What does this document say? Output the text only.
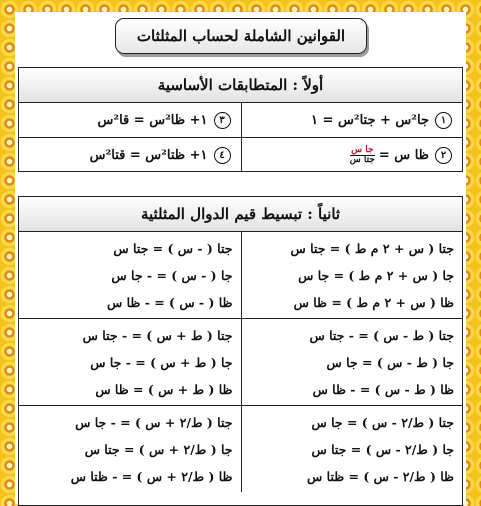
القوانين الشاملة لحساب المثلثات
أولاً : المتطابقات الأساسية
١
جا²س + جتا²س = ١
٣
١+ ظا²س = قا²س
٢
ظا س =
$\frac{\text{جا س}}{\text{جتا س}}$
٤
١+ ظتا²س = قتا²س
ثانياً : تبسيط قيم الدوال المثلثية
جتا ( س + ٢ م ط ) = جتا س
جا ( س + ٢ م ط ) = جا س
ظا ( س + ٢ م ط ) = ظا س
جتا ( - س ) = جتا س
جا ( - س ) = - جا س
ظا ( - س ) = - ظا س
جتا ( ط - س ) = - جتا س
جا ( ط - س ) = جا س
ظا ( ط - س ) = - ظا س
جتا ( ط + س ) = - جتا س
جا ( ط + س ) = - جا س
ظا ( ط + س ) = ظا س
جتا ( ط/٢ - س ) = جا س
جا ( ط/٢ - س ) = جتا س
ظا ( ط/٢ - س ) = ظتا س
جتا ( ط/٢ + س ) = - جا س
جا ( ط/٢ + س ) = جتا س
ظا ( ط/٢ + س ) = - ظتا س
